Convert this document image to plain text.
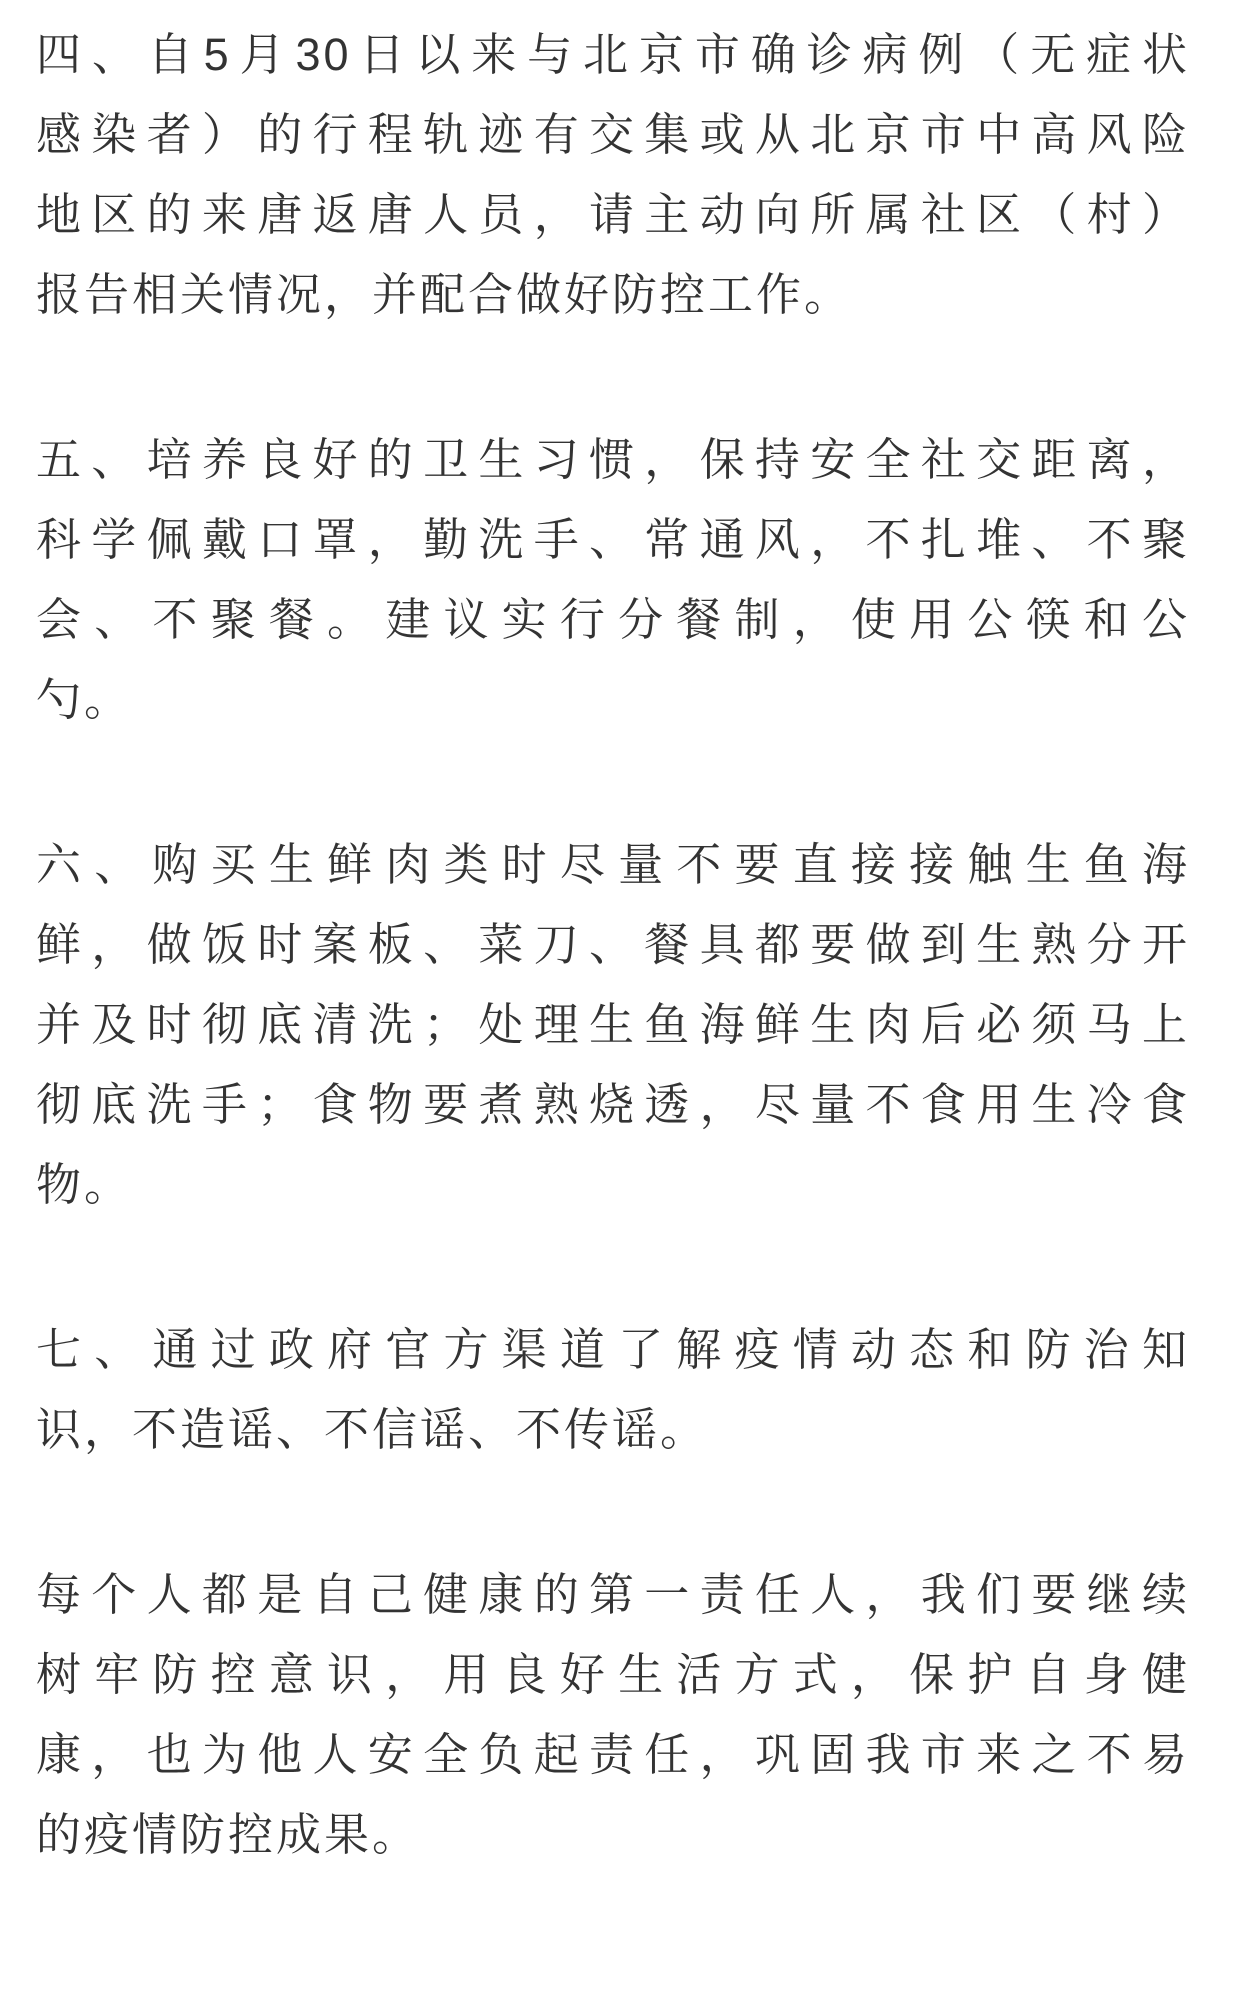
四、自5月30日以来与北京市确诊病例（无症状
感染者）的行程轨迹有交集或从北京市中高风险
地区的来唐返唐人员，请主动向所属社区（村）
报告相关情况，并配合做好防控工作。
五、培养良好的卫生习惯，保持安全社交距离，
科学佩戴口罩，勤洗手、常通风，不扎堆、不聚
会、不聚餐。建议实行分餐制，使用公筷和公
勺。
六、购买生鲜肉类时尽量不要直接接触生鱼海
鲜，做饭时案板、菜刀、餐具都要做到生熟分开
并及时彻底清洗；处理生鱼海鲜生肉后必须马上
彻底洗手；食物要煮熟烧透，尽量不食用生冷食
物。
七、通过政府官方渠道了解疫情动态和防治知
识，不造谣、不信谣、不传谣。
每个人都是自己健康的第一责任人，我们要继续
树牢防控意识，用良好生活方式，保护自身健
康，也为他人安全负起责任，巩固我市来之不易
的疫情防控成果。
